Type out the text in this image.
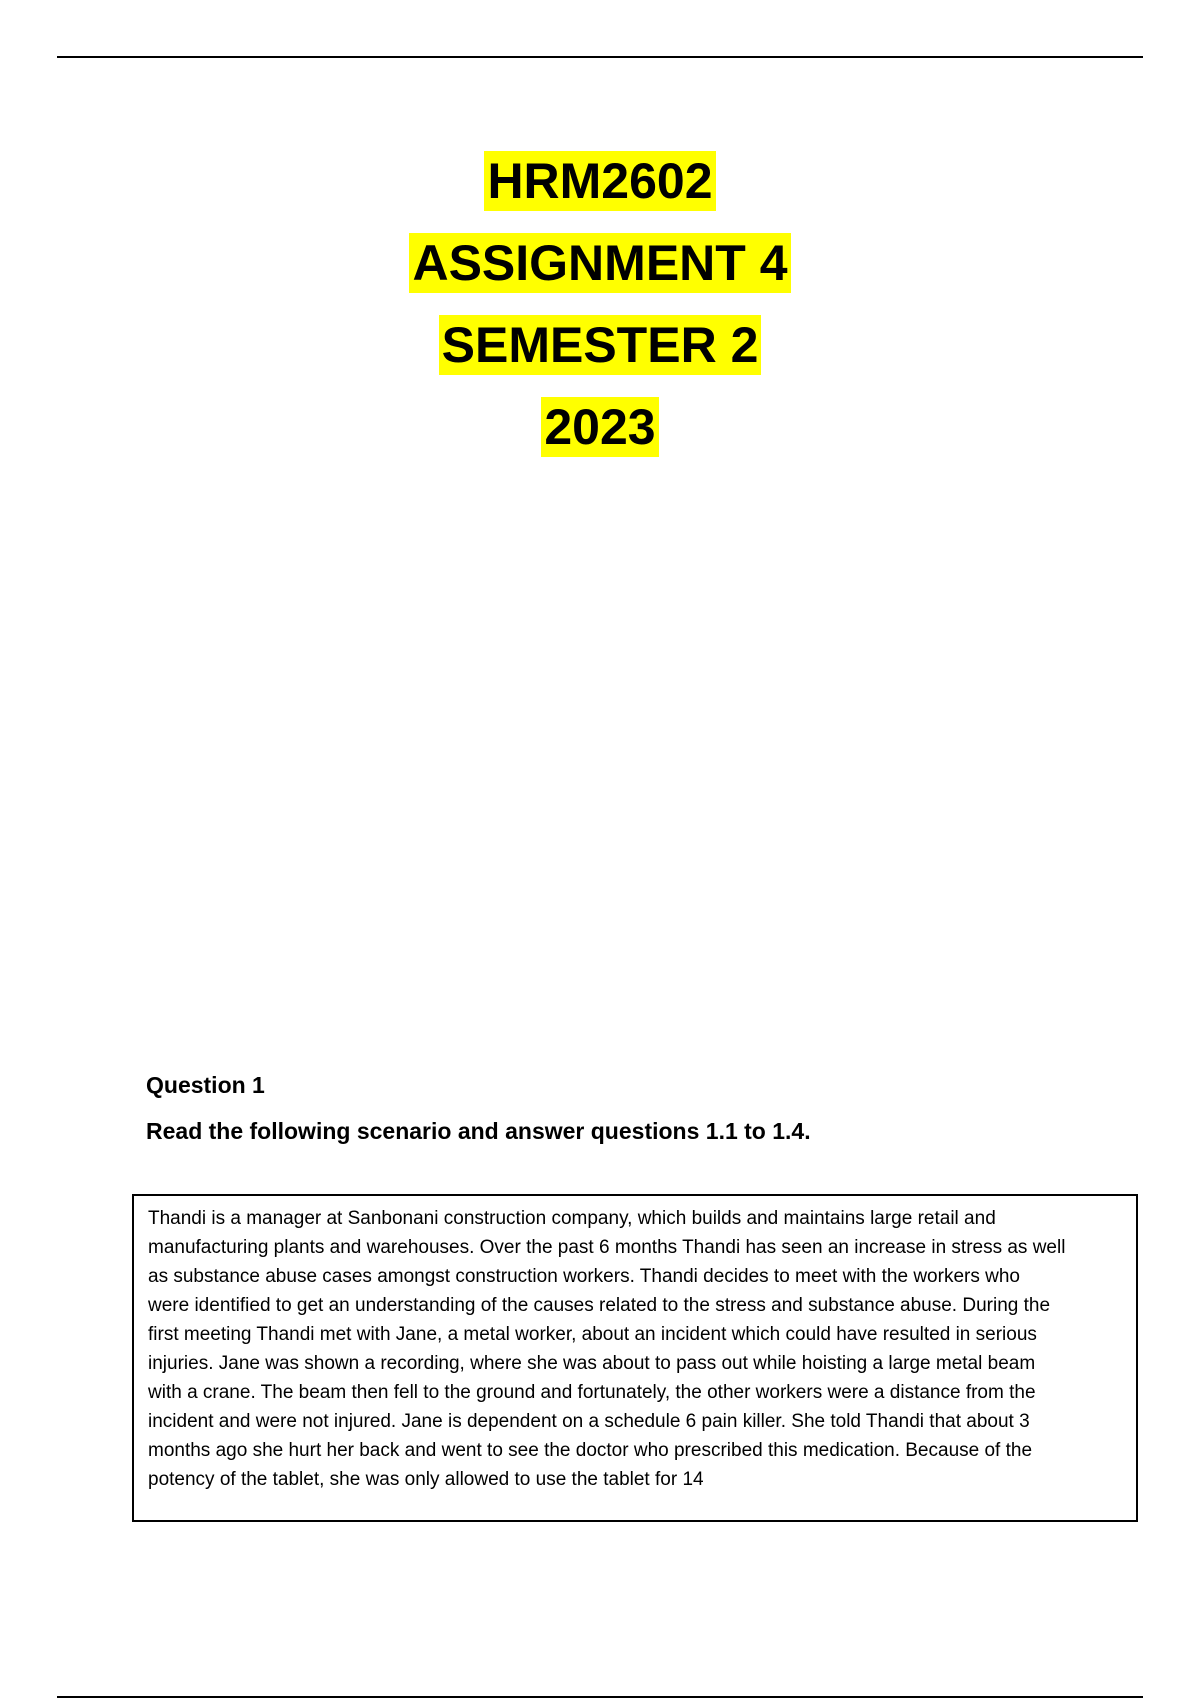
HRM2602
ASSIGNMENT 4
SEMESTER 2
2023

Question 1

Read the following scenario and answer questions 1.1 to 1.4.

Thandi is a manager at Sanbonani construction company, which builds and maintains large retail and

manufacturing plants and warehouses. Over the past 6 months Thandi has seen an increase in stress as well

as substance abuse cases amongst construction workers. Thandi decides to meet with the workers who

were identified to get an understanding of the causes related to the stress and substance abuse. During the

first meeting Thandi met with Jane, a metal worker, about an incident which could have resulted in serious

injuries. Jane was shown a recording, where she was about to pass out while hoisting a large metal beam

with a crane. The beam then fell to the ground and fortunately, the other workers were a distance from the

incident and were not injured. Jane is dependent on a schedule 6 pain killer. She told Thandi that about 3

months ago she hurt her back and went to see the doctor who prescribed this medication. Because of the

potency of the tablet, she was only allowed to use the tablet for 14
